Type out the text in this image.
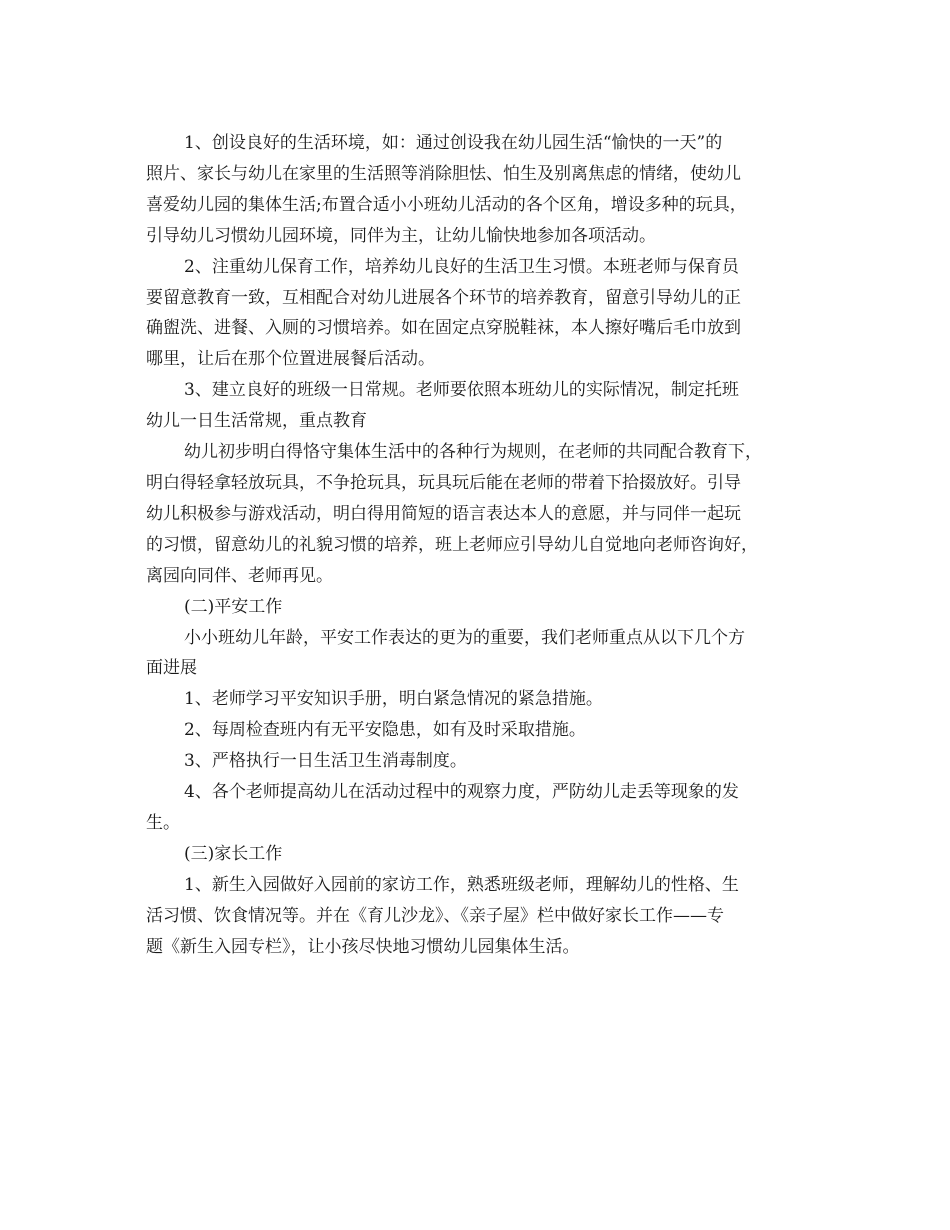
1、创设良好的生活环境，如：通过创设我在幼儿园生活“愉快的一天”的
照片、家长与幼儿在家里的生活照等消除胆怯、怕生及别离焦虑的情绪，使幼儿
喜爱幼儿园的集体生活;布置合适小小班幼儿活动的各个区角，增设多种的玩具，
引导幼儿习惯幼儿园环境，同伴为主，让幼儿愉快地参加各项活动。
2、注重幼儿保育工作，培养幼儿良好的生活卫生习惯。本班老师与保育员
要留意教育一致，互相配合对幼儿进展各个环节的培养教育，留意引导幼儿的正
确盥洗、进餐、入厕的习惯培养。如在固定点穿脱鞋袜，本人擦好嘴后毛巾放到
哪里，让后在那个位置进展餐后活动。
3、建立良好的班级一日常规。老师要依照本班幼儿的实际情况，制定托班
幼儿一日生活常规，重点教育
幼儿初步明白得恪守集体生活中的各种行为规则，在老师的共同配合教育下，
明白得轻拿轻放玩具，不争抢玩具，玩具玩后能在老师的带着下拾掇放好。引导
幼儿积极参与游戏活动，明白得用简短的语言表达本人的意愿，并与同伴一起玩
的习惯，留意幼儿的礼貌习惯的培养，班上老师应引导幼儿自觉地向老师咨询好，
离园向同伴、老师再见。
(二)平安工作
小小班幼儿年龄，平安工作表达的更为的重要，我们老师重点从以下几个方
面进展
1、老师学习平安知识手册，明白紧急情况的紧急措施。
2、每周检查班内有无平安隐患，如有及时采取措施。
3、严格执行一日生活卫生消毒制度。
4、各个老师提高幼儿在活动过程中的观察力度，严防幼儿走丢等现象的发
生。
(三)家长工作
1、新生入园做好入园前的家访工作，熟悉班级老师，理解幼儿的性格、生
活习惯、饮食情况等。并在《育儿沙龙》、《亲子屋》栏中做好家长工作——专
题《新生入园专栏》，让小孩尽快地习惯幼儿园集体生活。
